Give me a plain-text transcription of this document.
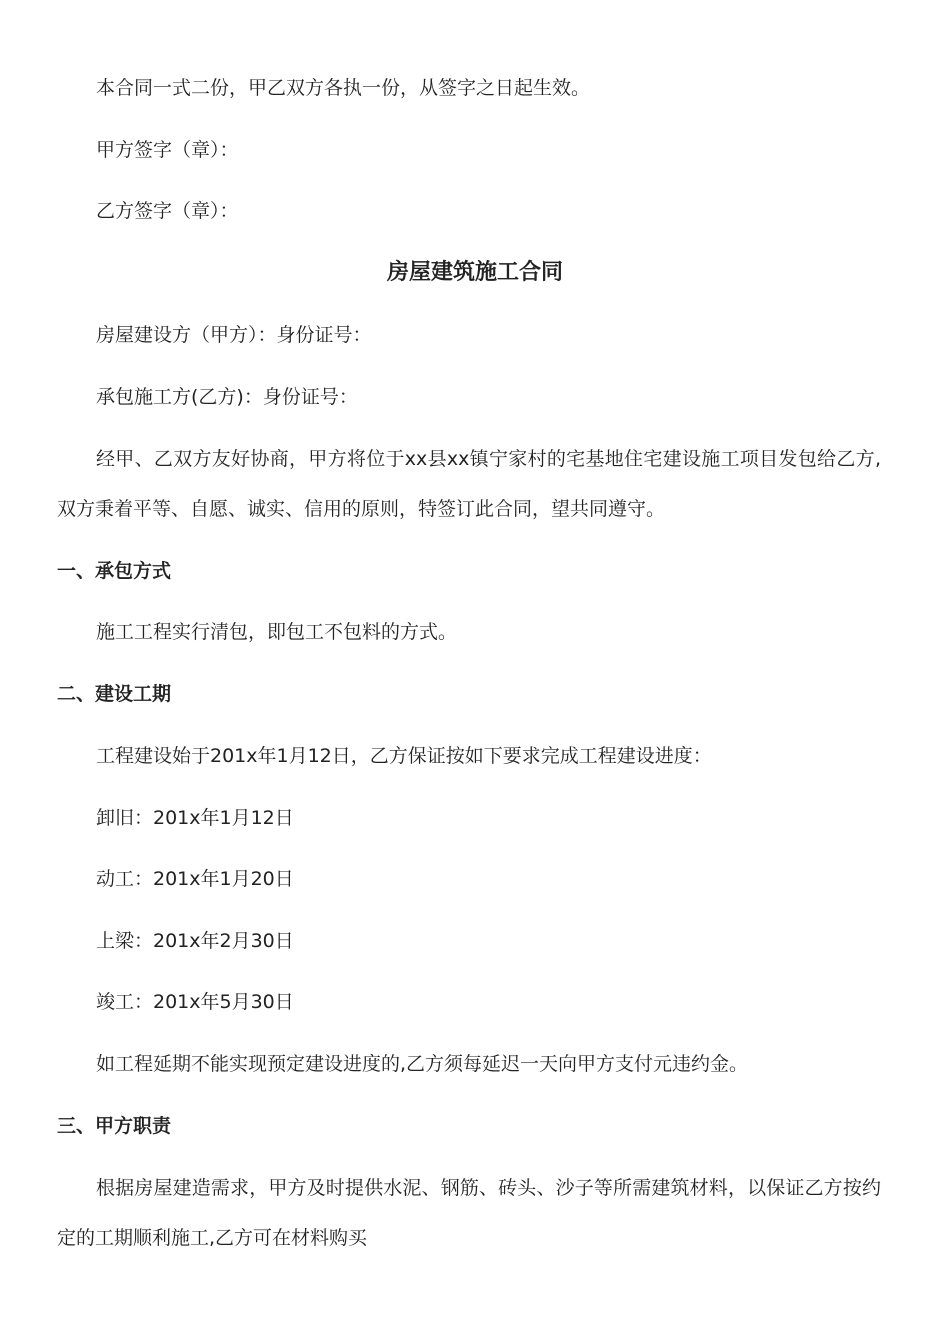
本合同一式二份，甲乙双方各执一份，从签字之日起生效。
甲方签字（章）：
乙方签字（章）：
房屋建筑施工合同
房屋建设方（甲方）：身份证号：
承包施工方(乙方)：身份证号：
经甲、乙双方友好协商，甲方将位于xx县xx镇宁家村的宅基地住宅建设施工项目发包给乙方,
双方秉着平等、自愿、诚实、信用的原则，特签订此合同，望共同遵守。
一、承包方式
施工工程实行清包，即包工不包料的方式。
二、建设工期
工程建设始于201x年1月12日，乙方保证按如下要求完成工程建设进度：
卸旧：201x年1月12日
动工：201x年1月20日
上梁：201x年2月30日
竣工：201x年5月30日
如工程延期不能实现预定建设进度的,乙方须每延迟一天向甲方支付元违约金。
三、甲方职责
根据房屋建造需求，甲方及时提供水泥、钢筋、砖头、沙子等所需建筑材料，以保证乙方按约
定的工期顺利施工,乙方可在材料购买
